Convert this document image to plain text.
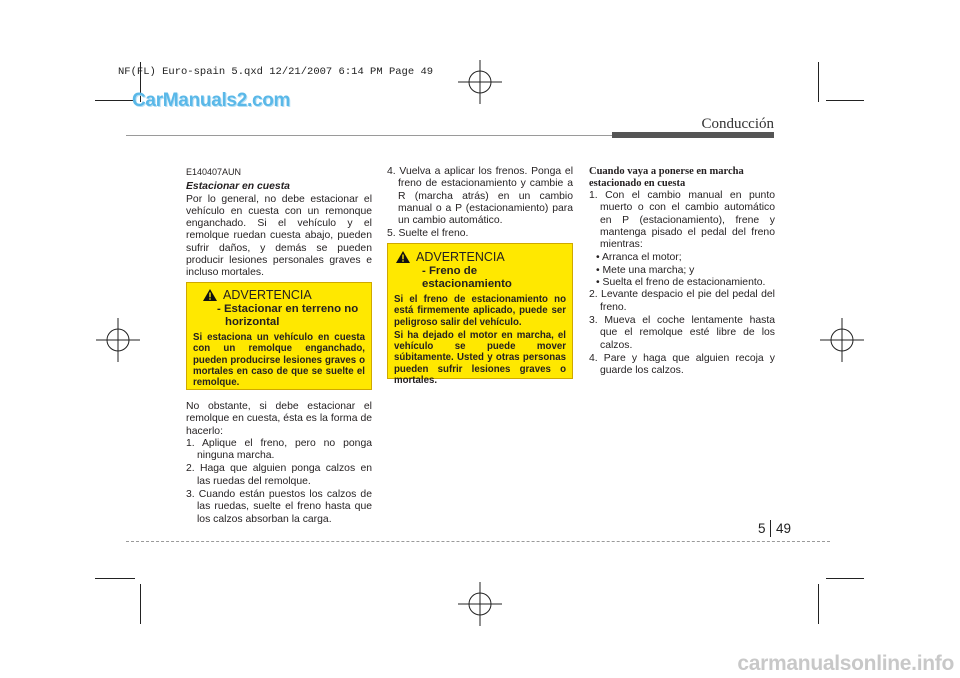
NF(FL) Euro-spain 5.qxd 12/21/2007 6:14 PM Page 49
CarManuals2.com
Conducción

E140407AUN

Estacionar en cuesta

Por lo general, no debe estacionar el vehículo en cuesta con un remonque enganchado. Si el vehículo y el remolque ruedan cuesta abajo, pueden sufrir daños, y demás se pueden producir lesiones personales graves e incluso mortales.

ADVERTENCIA
- Estacionar en terreno no horizontal
Si estaciona un vehículo en cuesta con un remolque enganchado, pueden producirse lesiones graves o mortales en caso de que se suelte el remolque.

No obstante, si debe estacionar el remolque en cuesta, ésta es la forma de hacerlo:

1. Aplique el freno, pero no ponga ninguna marcha.
2. Haga que alguien ponga calzos en las ruedas del remolque.
3. Cuando están puestos los calzos de las ruedas, suelte el freno hasta que los calzos absorban la carga.
4. Vuelva a aplicar los frenos. Ponga el freno de estacionamiento y cambie a R (marcha atrás) en un cambio manual o a P (estacionamiento) para un cambio automático.
5. Suelte el freno.
ADVERTENCIA
- Freno de estacionamiento
Si el freno de estacionamiento no está firmemente aplicado, puede ser peligroso salir del vehículo.
Si ha dejado el motor en marcha, el vehículo se puede mover súbitamente. Usted y otras personas pueden sufrir lesiones graves o mortales.

Cuando vaya a ponerse en marcha estacionado en cuesta

1. Con el cambio manual en punto muerto o con el cambio automático en P (estacionamiento), frene y mantenga pisado el pedal del freno mientras:
• Arranca el motor;
• Mete una marcha; y
• Suelta el freno de estacionamiento.
2. Levante despacio el pie del pedal del freno.
3. Mueva el coche lentamente hasta que el remolque esté libre de los calzos.
4. Pare y haga que alguien recoja y guarde los calzos.
5 49
carmanualsonline.info
